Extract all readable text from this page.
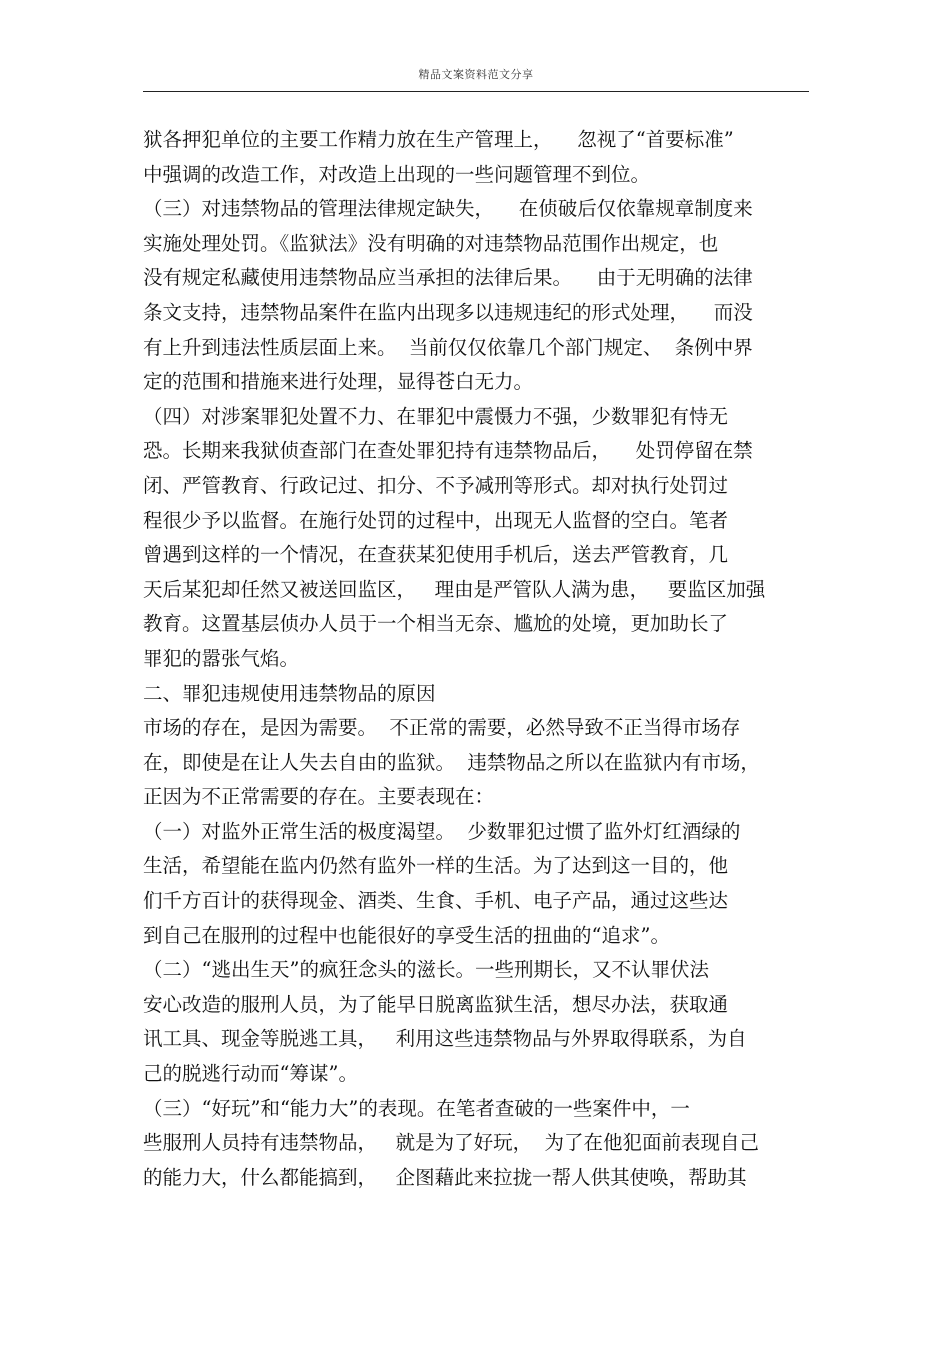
精品文案资料范文分享
狱各押犯单位的主要工作精力放在生产管理上，    忽视了“首要标准”
中强调的改造工作，对改造上出现的一些问题管理不到位。
（三）对违禁物品的管理法律规定缺失，    在侦破后仅依靠规章制度来
实施处理处罚。《监狱法》没有明确的对违禁物品范围作出规定，也
没有规定私藏使用违禁物品应当承担的法律后果。    由于无明确的法律
条文支持，违禁物品案件在监内出现多以违规违纪的形式处理，    而没
有上升到违法性质层面上来。  当前仅仅依靠几个部门规定、  条例中界
定的范围和措施来进行处理，显得苍白无力。
（四）对涉案罪犯处置不力、在罪犯中震慑力不强，少数罪犯有恃无
恐。长期来我狱侦查部门在查处罪犯持有违禁物品后，    处罚停留在禁
闭、严管教育、行政记过、扣分、不予减刑等形式。却对执行处罚过
程很少予以监督。在施行处罚的过程中，出现无人监督的空白。笔者
曾遇到这样的一个情况，在查获某犯使用手机后，送去严管教育，几
天后某犯却任然又被送回监区，   理由是严管队人满为患，   要监区加强
教育。这置基层侦办人员于一个相当无奈、尴尬的处境，更加助长了
罪犯的嚣张气焰。
二、罪犯违规使用违禁物品的原因
市场的存在，是因为需要。  不正常的需要，必然导致不正当得市场存
在，即使是在让人失去自由的监狱。  违禁物品之所以在监狱内有市场，
正因为不正常需要的存在。主要表现在：
（一）对监外正常生活的极度渴望。  少数罪犯过惯了监外灯红酒绿的
生活，希望能在监内仍然有监外一样的生活。为了达到这一目的，他
们千方百计的获得现金、酒类、生食、手机、电子产品，通过这些达
到自己在服刑的过程中也能很好的享受生活的扭曲的“追求”。
（二）“逃出生天”的疯狂念头的滋长。一些刑期长，又不认罪伏法
安心改造的服刑人员，为了能早日脱离监狱生活，想尽办法，获取通
讯工具、现金等脱逃工具，   利用这些违禁物品与外界取得联系，为自
己的脱逃行动而“筹谋”。
（三）“好玩”和“能力大”的表现。在笔者查破的一些案件中，一
些服刑人员持有违禁物品，   就是为了好玩，  为了在他犯面前表现自己
的能力大，什么都能搞到，   企图藉此来拉拢一帮人供其使唤，帮助其
